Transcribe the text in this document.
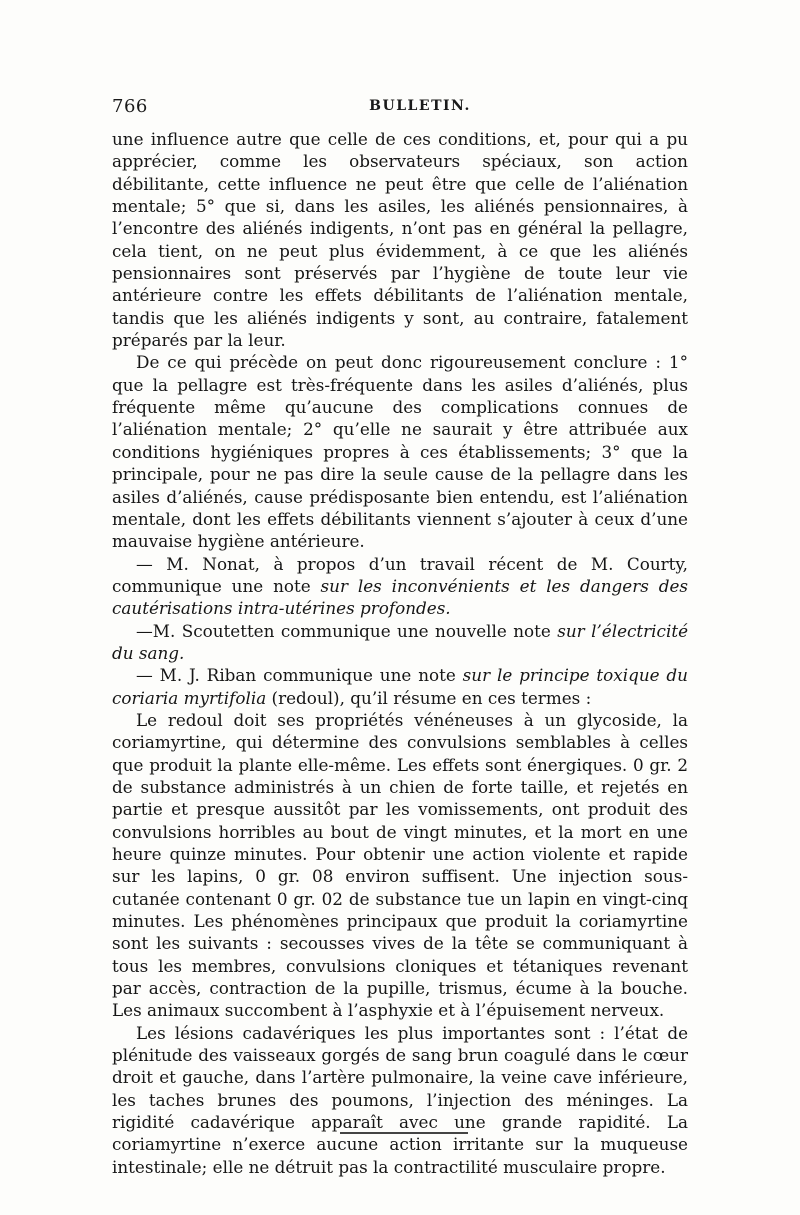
766	BULLETIN.

une influence autre que celle de ces conditions, et, pour qui a pu apprécier, comme les observateurs spéciaux, son action débilitante, cette influence ne peut être que celle de l’aliénation mentale; 5° que si, dans les asiles, les aliénés pensionnaires, à l’encontre des aliénés indigents, n’ont pas en général la pellagre, cela tient, on ne peut plus évidemment, à ce que les aliénés pensionnaires sont préservés par l’hygiène de toute leur vie antérieure contre les effets débilitants de l’aliénation mentale, tandis que les aliénés indigents y sont, au contraire, fatalement préparés par la leur.

De ce qui précède on peut donc rigoureusement conclure : 1° que la pellagre est très-fréquente dans les asiles d’aliénés, plus fréquente même qu’aucune des complications connues de l’aliénation mentale; 2° qu’elle ne saurait y être attribuée aux conditions hygiéniques propres à ces établissements; 3° que la principale, pour ne pas dire la seule cause de la pellagre dans les asiles d’aliénés, cause prédisposante bien entendu, est l’aliénation mentale, dont les effets débilitants viennent s’ajouter à ceux d’une mauvaise hygiène antérieure.

— M. Nonat, à propos d’un travail récent de M. Courty, communique une note sur les inconvénients et les dangers des cautérisations intra-utérines profondes.

—M. Scoutetten communique une nouvelle note sur l’électricité du sang.

— M. J. Riban communique une note sur le principe toxique du coriaria myrtifolia (redoul), qu’il résume en ces termes :

Le redoul doit ses propriétés vénéneuses à un glycoside, la coriamyrtine, qui détermine des convulsions semblables à celles que produit la plante elle-même. Les effets sont énergiques. 0 gr. 2 de substance administrés à un chien de forte taille, et rejetés en partie et presque aussitôt par les vomissements, ont produit des convulsions horribles au bout de vingt minutes, et la mort en une heure quinze minutes. Pour obtenir une action violente et rapide sur les lapins, 0 gr. 08 environ suffisent. Une injection sous-cutanée contenant 0 gr. 02 de substance tue un lapin en vingt-cinq minutes. Les phénomènes principaux que produit la coriamyrtine sont les suivants : secousses vives de la tête se communiquant à tous les membres, convulsions cloniques et tétaniques revenant par accès, contraction de la pupille, trismus, écume à la bouche. Les animaux succombent à l’asphyxie et à l’épuisement nerveux.

Les lésions cadavériques les plus importantes sont : l’état de plénitude des vaisseaux gorgés de sang brun coagulé dans le cœur droit et gauche, dans l’artère pulmonaire, la veine cave inférieure, les taches brunes des poumons, l’injection des méninges. La rigidité cadavérique apparaît avec une grande rapidité. La coriamyrtine n’exerce aucune action irritante sur la muqueuse intestinale; elle ne détruit pas la contractilité musculaire propre.
